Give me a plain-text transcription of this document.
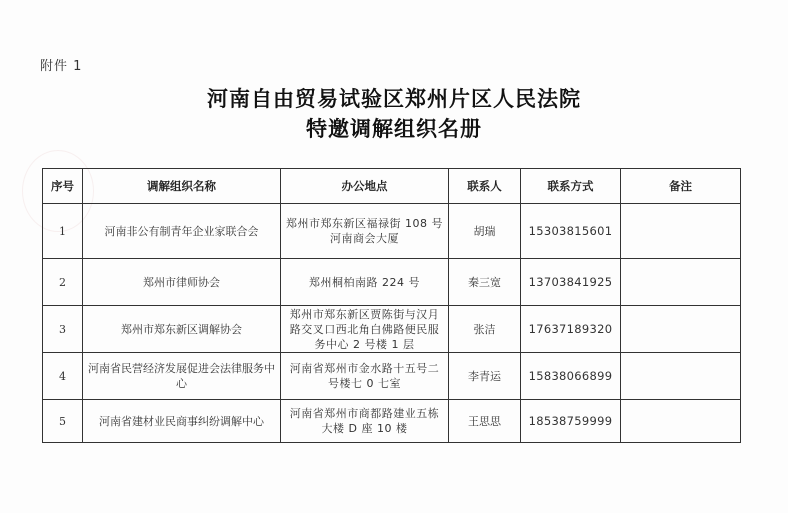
附件 1
河南自由贸易试验区郑州片区人民法院
特邀调解组织名册
序号	调解组织名称	办公地点	联系人	联系方式	备注
1	河南非公有制青年企业家联合会	郑州市郑东新区福禄街 108 号河南商会大厦	胡瑞	15303815601	
2	郑州市律师协会	郑州桐柏南路 224 号	秦三宽	13703841925	
3	郑州市郑东新区调解协会	郑州市郑东新区贾陈街与汉月路交叉口西北角白佛路便民服务中心 2 号楼 1 层	张洁	17637189320	
4	河南省民营经济发展促进会法律服务中心	河南省郑州市金水路十五号二号楼七 0 七室	李青运	15838066899	
5	河南省建材业民商事纠纷调解中心	河南省郑州市商都路建业五栋大楼 D 座 10 楼	王思思	18538759999	
